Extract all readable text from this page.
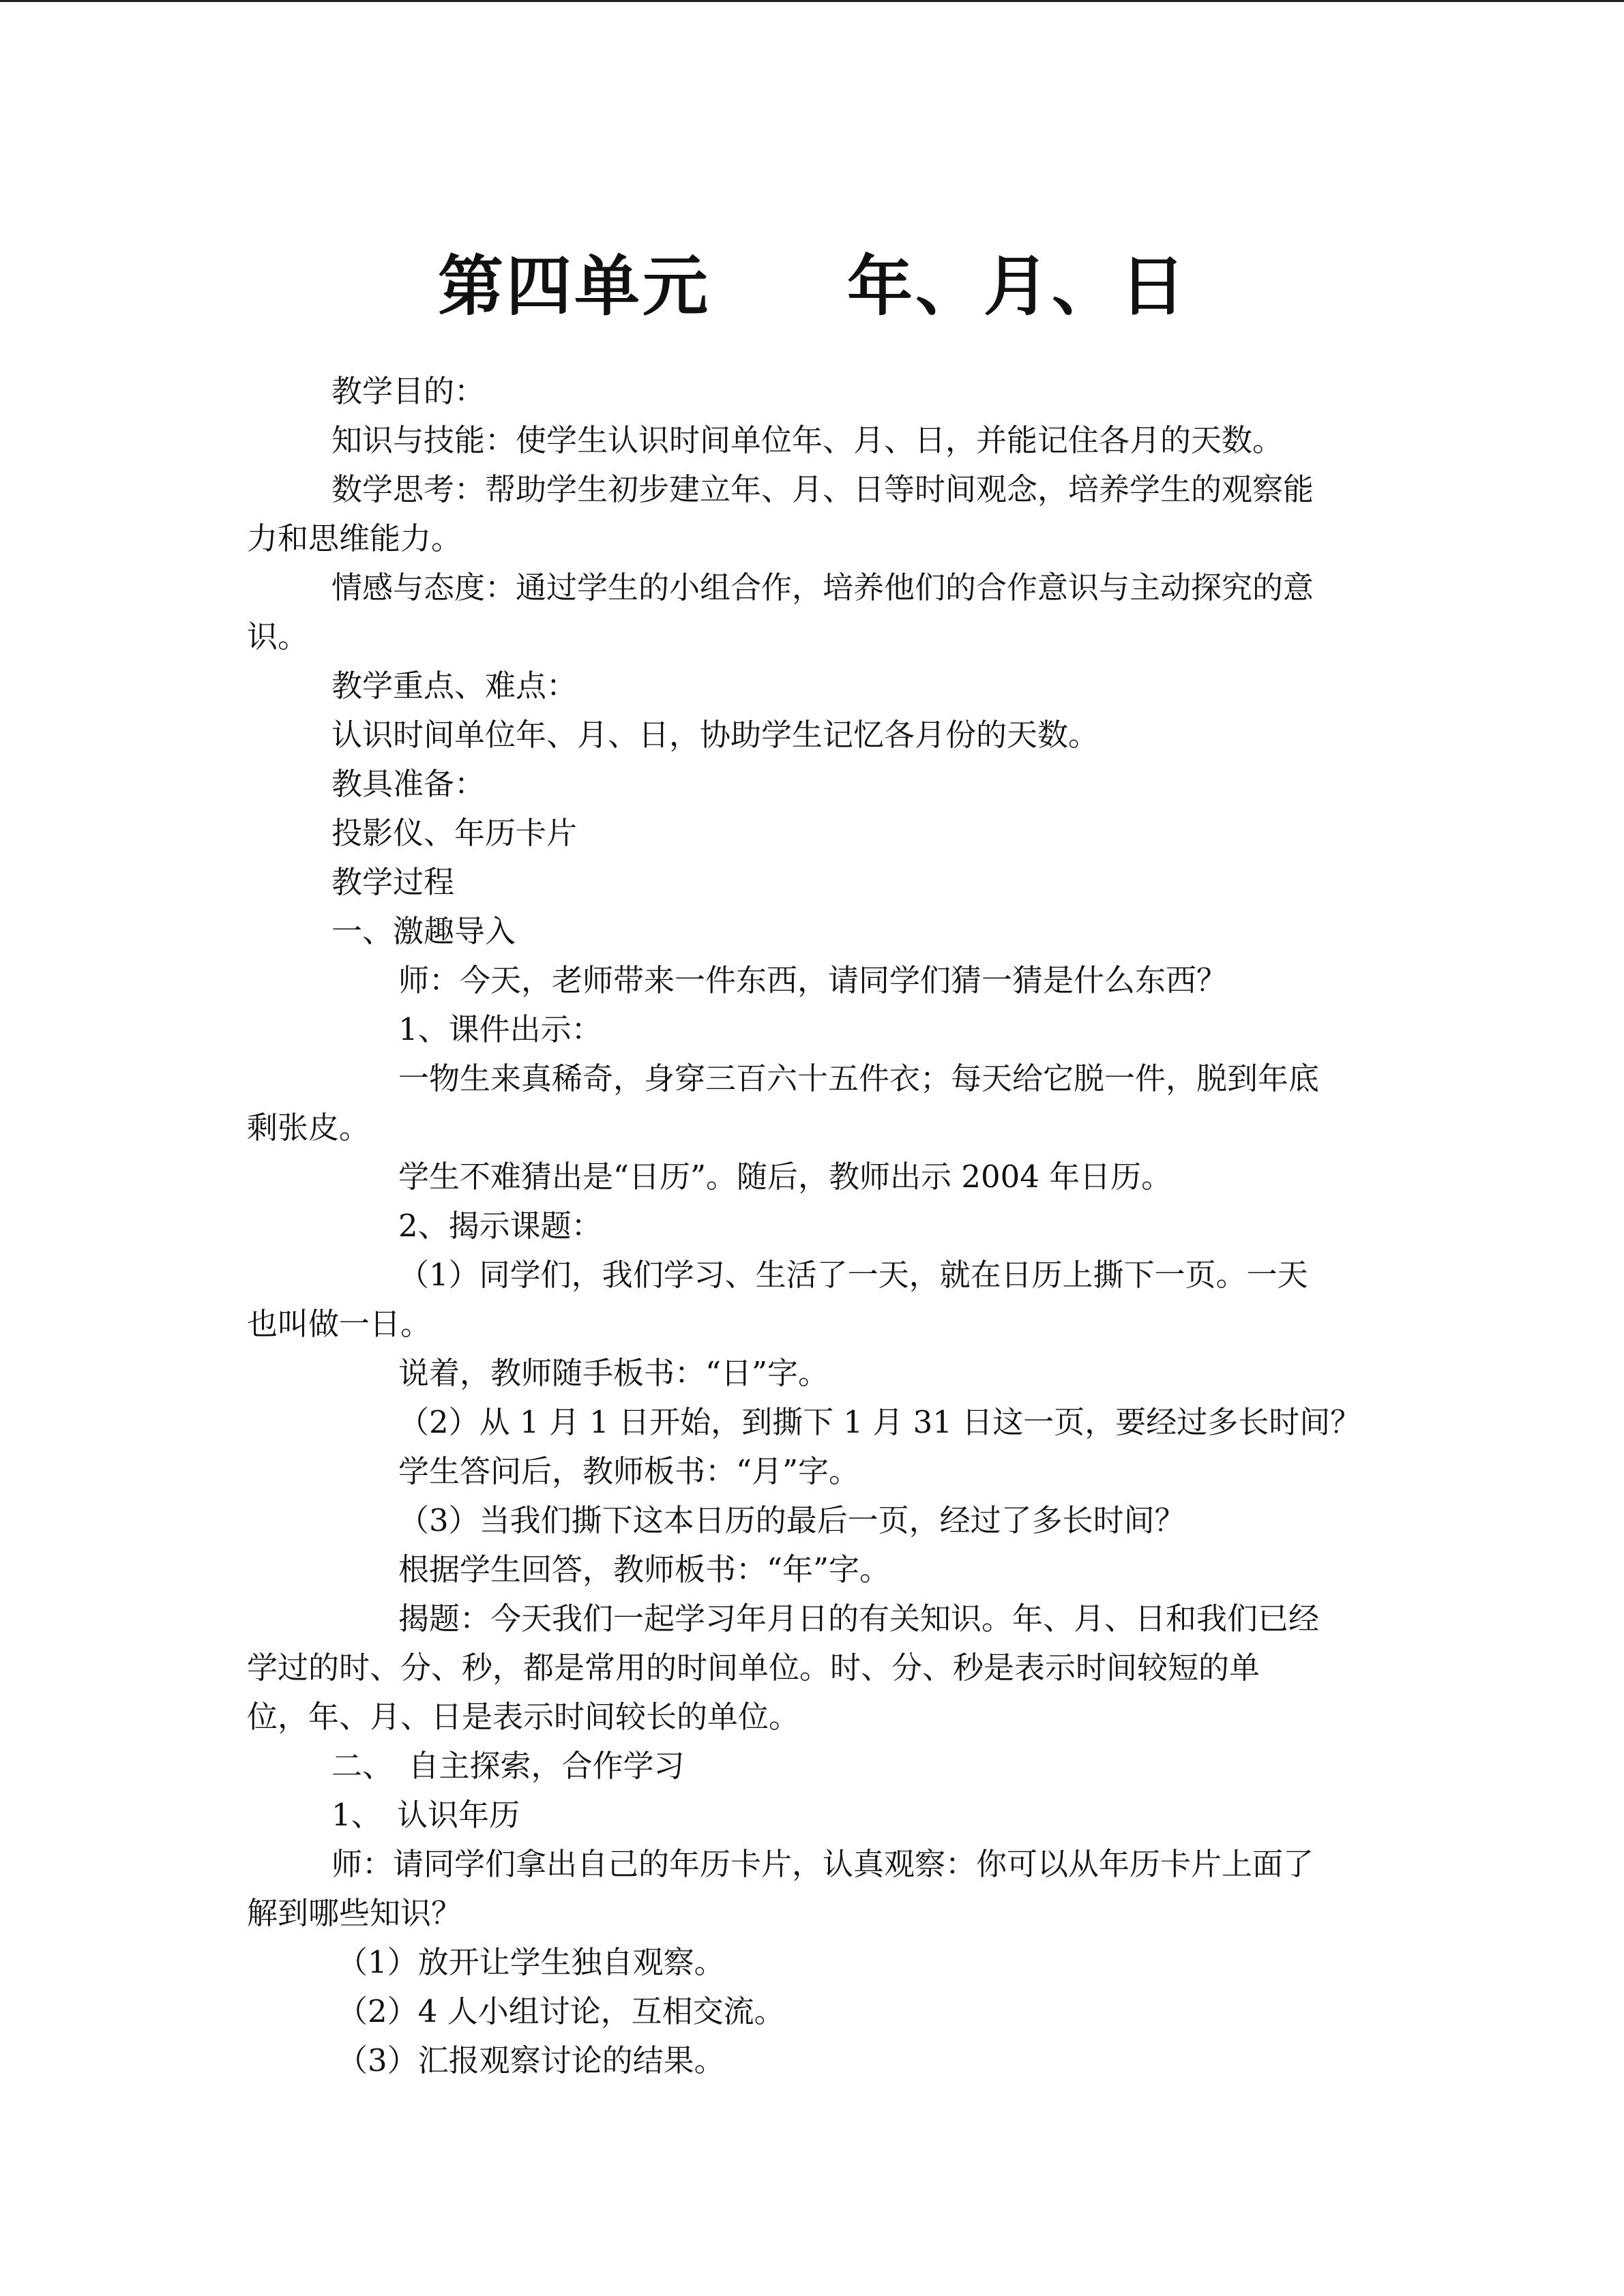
第四单元　　年、月、日

教学目的：

知识与技能：使学生认识时间单位年、月、日，并能记住各月的天数。

数学思考：帮助学生初步建立年、月、日等时间观念，培养学生的观察能

力和思维能力。

情感与态度：通过学生的小组合作，培养他们的合作意识与主动探究的意

识。

教学重点、难点：

认识时间单位年、月、日，协助学生记忆各月份的天数。

教具准备：

投影仪、年历卡片

教学过程

一、激趣导入

师：今天，老师带来一件东西，请同学们猜一猜是什么东西？

1、课件出示：

一物生来真稀奇，身穿三百六十五件衣；每天给它脱一件，脱到年底

剩张皮。

学生不难猜出是“日历”。随后，教师出示 2004 年日历。

2、揭示课题：

（1）同学们，我们学习、生活了一天，就在日历上撕下一页。一天

也叫做一日。

说着，教师随手板书：“日”字。

（2）从 1 月 1 日开始，到撕下 1 月 31 日这一页，要经过多长时间？

学生答问后，教师板书：“月”字。

（3）当我们撕下这本日历的最后一页，经过了多长时间？

根据学生回答，教师板书：“年”字。

揭题：今天我们一起学习年月日的有关知识。年、月、日和我们已经

学过的时、分、秒，都是常用的时间单位。时、分、秒是表示时间较短的单

位，年、月、日是表示时间较长的单位。

二、　自主探索，合作学习

1、　认识年历

师：请同学们拿出自己的年历卡片，认真观察：你可以从年历卡片上面了

解到哪些知识？

（1）放开让学生独自观察。

（2）4 人小组讨论，互相交流。

（3）汇报观察讨论的结果。
